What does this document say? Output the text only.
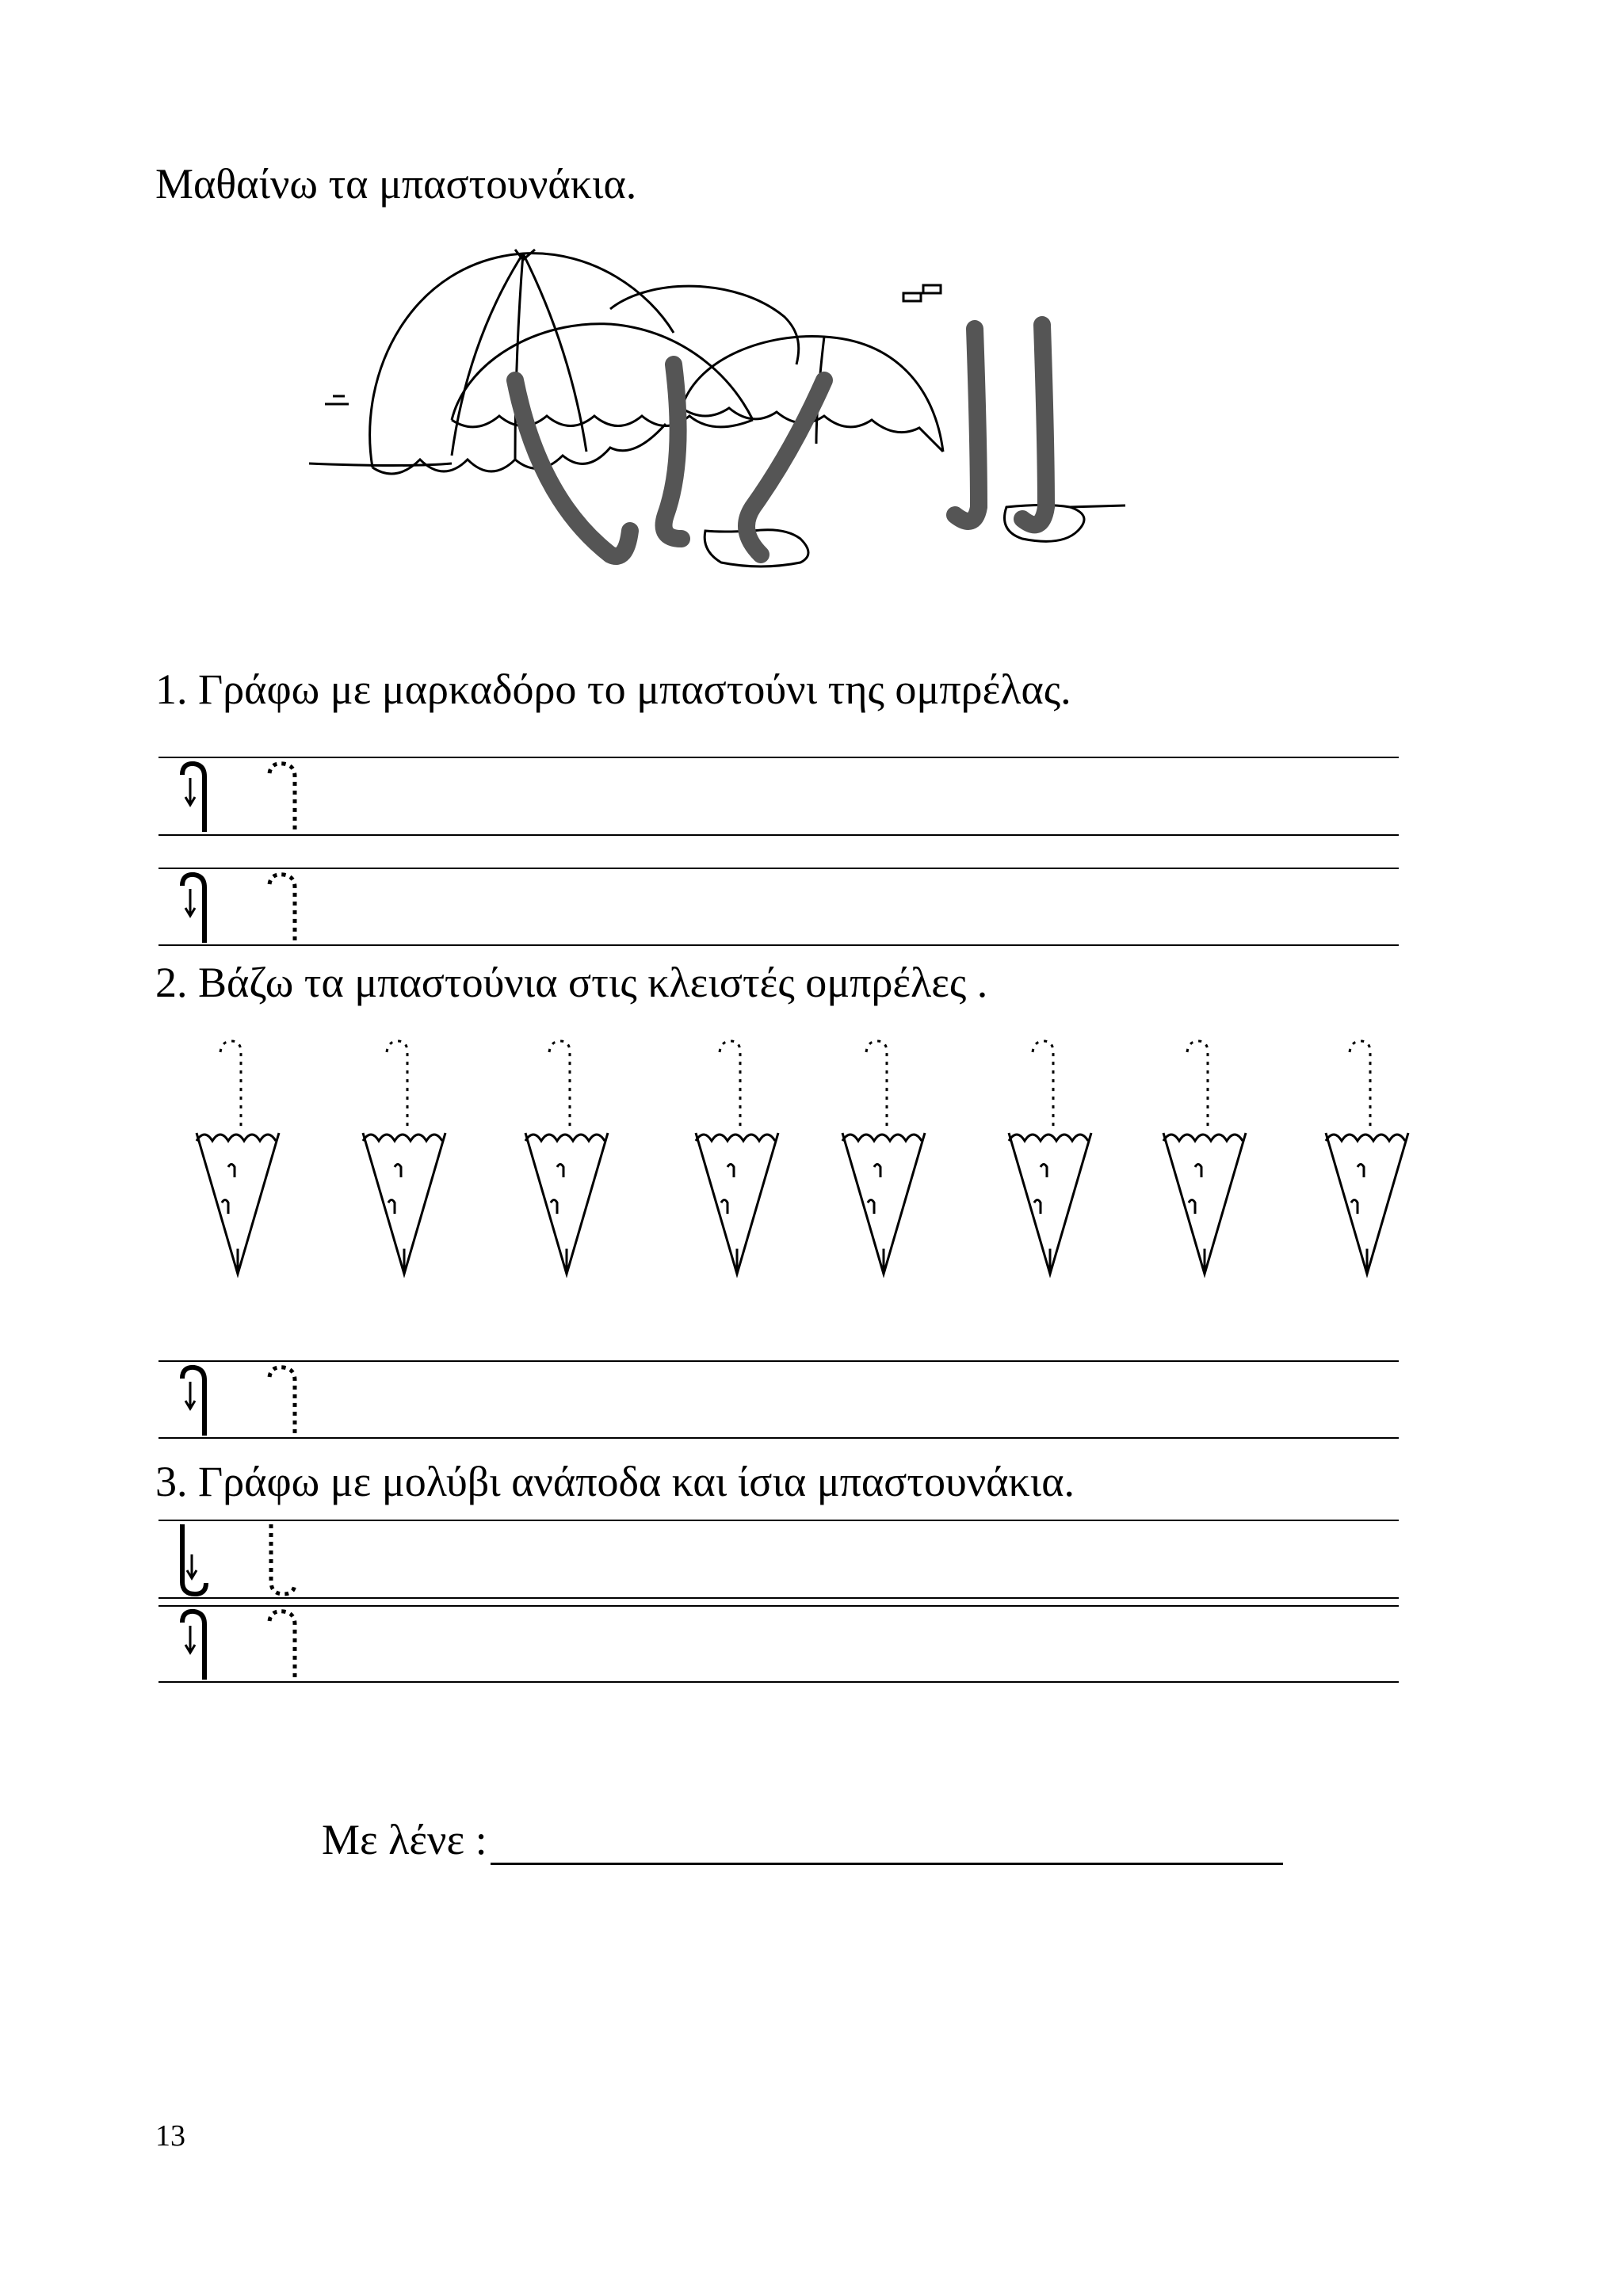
Μαθαίνω τα μπαστουνάκια.
1. Γράφω με μαρκαδόρο το μπαστούνι της ομπρέλας.
2. Βάζω τα μπαστούνια στις κλειστές ομπρέλες .
3. Γράφω με μολύβι ανάποδα και ίσια μπαστουνάκια.
Με λένε :
13
